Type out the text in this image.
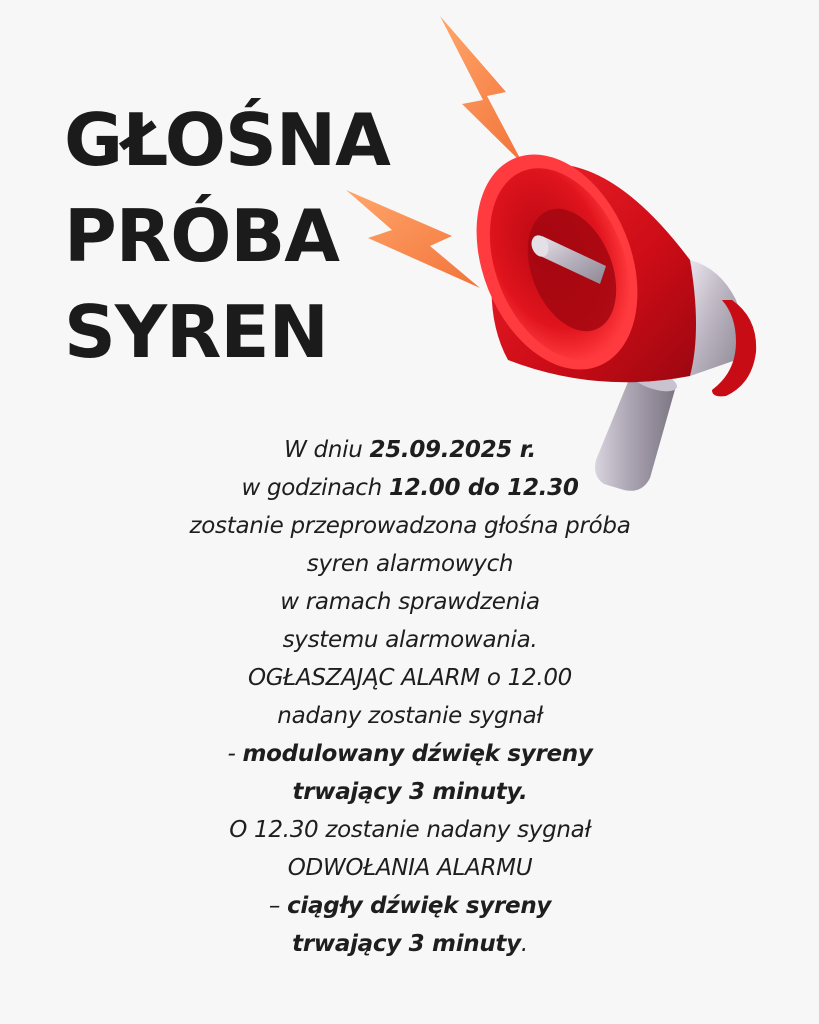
GŁOŚNA
PRÓBA
SYREN
W dniu 25.09.2025 r.
w godzinach 12.00 do 12.30
zostanie przeprowadzona głośna próba
syren alarmowych
w ramach sprawdzenia
systemu alarmowania.
OGŁASZAJĄC ALARM o 12.00
nadany zostanie sygnał
- modulowany dźwięk syreny
trwający 3 minuty.
O 12.30 zostanie nadany sygnał
ODWOŁANIA ALARMU
– ciągły dźwięk syreny
trwający 3 minuty.
